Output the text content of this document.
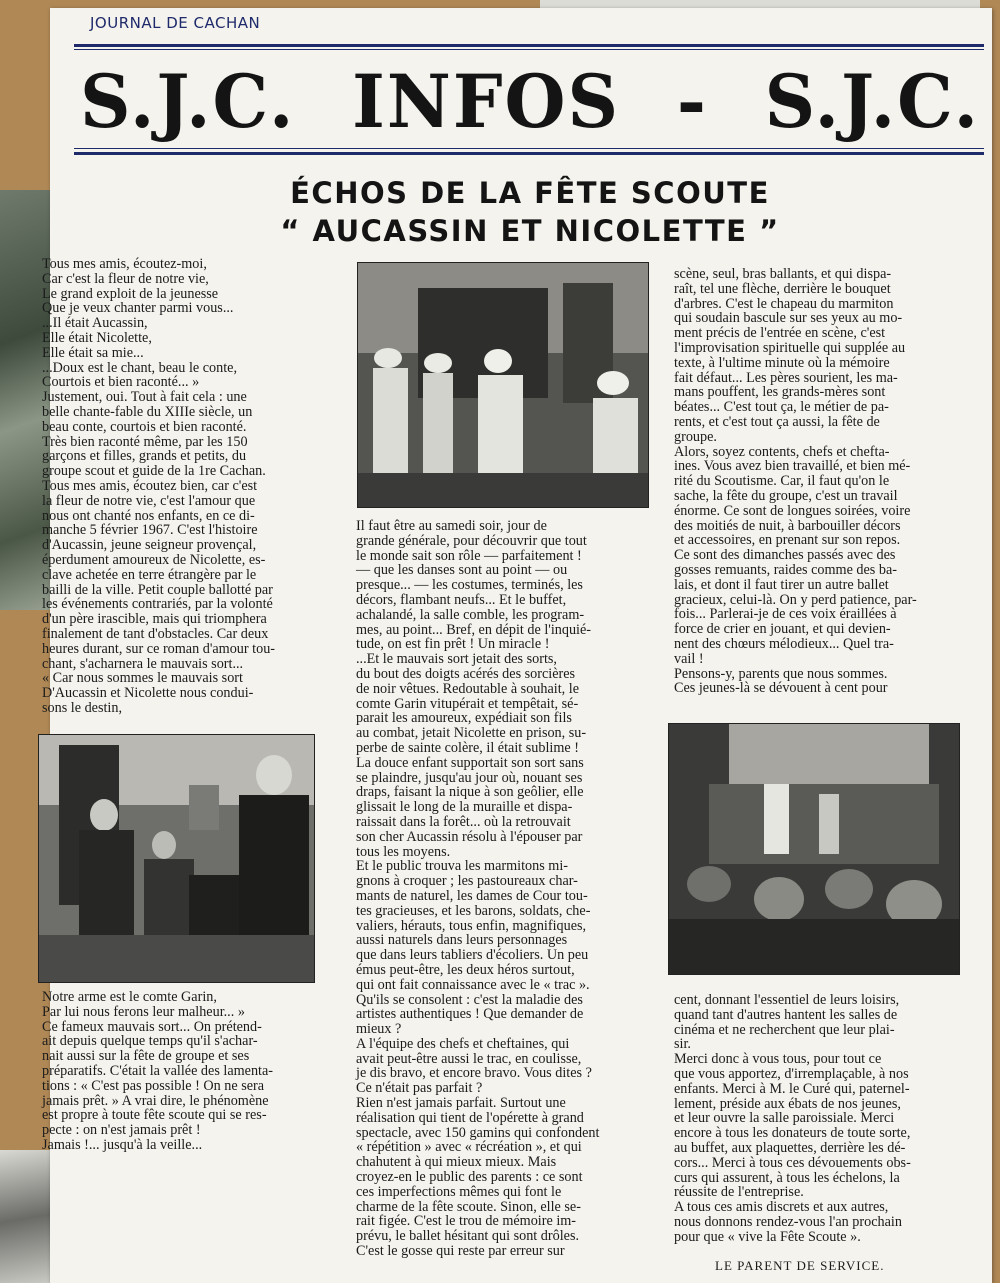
JOURNAL DE CACHAN
S.J.C. INFOS - S.J.C.
ÉCHOS DE LA FÊTE SCOUTE
“ AUCASSIN ET NICOLETTE ”

Tous mes amis, écoutez-moi,
Car c'est la fleur de notre vie,
Le grand exploit de la jeunesse
Que je veux chanter parmi vous...
...Il était Aucassin,
Elle était Nicolette,
Elle était sa mie...
...Doux est le chant, beau le conte,
Courtois et bien raconté... »
Justement, oui. Tout à fait cela : une
belle chante-fable du XIIIe siècle, un
beau conte, courtois et bien raconté.
Très bien raconté même, par les 150
garçons et filles, grands et petits, du
groupe scout et guide de la 1re Cachan.
Tous mes amis, écoutez bien, car c'est
la fleur de notre vie, c'est l'amour que
nous ont chanté nos enfants, en ce di-
manche 5 février 1967. C'est l'histoire
d'Aucassin, jeune seigneur provençal,
éperdument amoureux de Nicolette, es-
clave achetée en terre étrangère par le
bailli de la ville. Petit couple ballotté par
les événements contrariés, par la volonté
d'un père irascible, mais qui triomphera
finalement de tant d'obstacles. Car deux
heures durant, sur ce roman d'amour tou-
chant, s'acharnera le mauvais sort...
« Car nous sommes le mauvais sort
D'Aucassin et Nicolette nous condui-
sons le destin,

Notre arme est le comte Garin,
Par lui nous ferons leur malheur... »
Ce fameux mauvais sort... On prétend-
ait depuis quelque temps qu'il s'achar-
nait aussi sur la fête de groupe et ses
préparatifs. C'était la vallée des lamenta-
tions : « C'est pas possible ! On ne sera
jamais prêt. » A vrai dire, le phénomène
est propre à toute fête scoute qui se res-
pecte : on n'est jamais prêt !
Jamais !... jusqu'à la veille...

Il faut être au samedi soir, jour de
grande générale, pour découvrir que tout
le monde sait son rôle — parfaitement !
— que les danses sont au point — ou
presque... — les costumes, terminés, les
décors, flambant neufs... Et le buffet,
achalandé, la salle comble, les program-
mes, au point... Bref, en dépit de l'inquié-
tude, on est fin prêt ! Un miracle !
...Et le mauvais sort jetait des sorts,
du bout des doigts acérés des sorcières
de noir vêtues. Redoutable à souhait, le
comte Garin vitupérait et tempêtait, sé-
parait les amoureux, expédiait son fils
au combat, jetait Nicolette en prison, su-
perbe de sainte colère, il était sublime !
La douce enfant supportait son sort sans
se plaindre, jusqu'au jour où, nouant ses
draps, faisant la nique à son geôlier, elle
glissait le long de la muraille et dispa-
raissait dans la forêt... où la retrouvait
son cher Aucassin résolu à l'épouser par
tous les moyens.
Et le public trouva les marmitons mi-
gnons à croquer ; les pastoureaux char-
mants de naturel, les dames de Cour tou-
tes gracieuses, et les barons, soldats, che-
valiers, hérauts, tous enfin, magnifiques,
aussi naturels dans leurs personnages
que dans leurs tabliers d'écoliers. Un peu
émus peut-être, les deux héros surtout,
qui ont fait connaissance avec le « trac ».
Qu'ils se consolent : c'est la maladie des
artistes authentiques ! Que demander de
mieux ?
A l'équipe des chefs et cheftaines, qui
avait peut-être aussi le trac, en coulisse,
je dis bravo, et encore bravo. Vous dites ?
Ce n'était pas parfait ?
Rien n'est jamais parfait. Surtout une
réalisation qui tient de l'opérette à grand
spectacle, avec 150 gamins qui confondent
« répétition » avec « récréation », et qui
chahutent à qui mieux mieux. Mais
croyez-en le public des parents : ce sont
ces imperfections mêmes qui font le
charme de la fête scoute. Sinon, elle se-
rait figée. C'est le trou de mémoire im-
prévu, le ballet hésitant qui sont drôles.
C'est le gosse qui reste par erreur sur

scène, seul, bras ballants, et qui dispa-
raît, tel une flèche, derrière le bouquet
d'arbres. C'est le chapeau du marmiton
qui soudain bascule sur ses yeux au mo-
ment précis de l'entrée en scène, c'est
l'improvisation spirituelle qui supplée au
texte, à l'ultime minute où la mémoire
fait défaut... Les pères sourient, les ma-
mans pouffent, les grands-mères sont
béates... C'est tout ça, le métier de pa-
rents, et c'est tout ça aussi, la fête de
groupe.
Alors, soyez contents, chefs et chefta-
ines. Vous avez bien travaillé, et bien mé-
rité du Scoutisme. Car, il faut qu'on le
sache, la fête du groupe, c'est un travail
énorme. Ce sont de longues soirées, voire
des moitiés de nuit, à barbouiller décors
et accessoires, en prenant sur son repos.
Ce sont des dimanches passés avec des
gosses remuants, raides comme des ba-
lais, et dont il faut tirer un autre ballet
gracieux, celui-là. On y perd patience, par-
fois... Parlerai-je de ces voix éraillées à
force de crier en jouant, et qui devien-
nent des chœurs mélodieux... Quel tra-
vail !
Pensons-y, parents que nous sommes.
Ces jeunes-là se dévouent à cent pour

cent, donnant l'essentiel de leurs loisirs,
quand tant d'autres hantent les salles de
cinéma et ne recherchent que leur plai-
sir.
Merci donc à vous tous, pour tout ce
que vous apportez, d'irremplaçable, à nos
enfants. Merci à M. le Curé qui, paternel-
lement, préside aux ébats de nos jeunes,
et leur ouvre la salle paroissiale. Merci
encore à tous les donateurs de toute sorte,
au buffet, aux plaquettes, derrière les dé-
cors... Merci à tous ces dévouements obs-
curs qui assurent, à tous les échelons, la
réussite de l'entreprise.
A tous ces amis discrets et aux autres,
nous donnons rendez-vous l'an prochain
pour que « vive la Fête Scoute ».

LE PARENT DE SERVICE.
